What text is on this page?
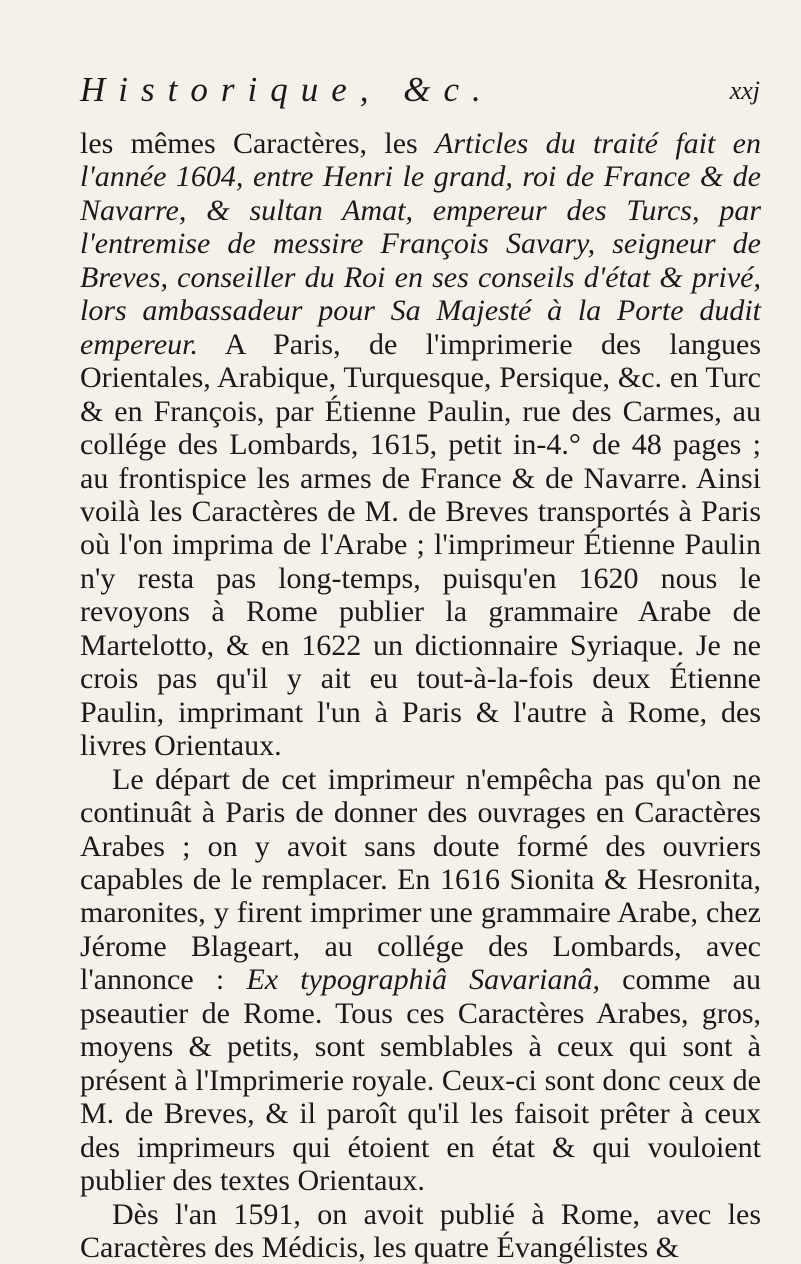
Historique, &c.	xxj

les mêmes Caractères, les Articles du traité fait en l'année 1604, entre Henri le grand, roi de France & de Navarre, & sultan Amat, empereur des Turcs, par l'entremise de messire François Savary, seigneur de Breves, conseiller du Roi en ses conseils d'état & privé, lors ambassadeur pour Sa Majesté à la Porte dudit empereur. A Paris, de l'imprimerie des langues Orientales, Arabique, Turquesque, Persique, &c. en Turc & en François, par Étienne Paulin, rue des Carmes, au collége des Lombards, 1615, petit in-4.° de 48 pages ; au frontispice les armes de France & de Navarre. Ainsi voilà les Caractères de M. de Breves transportés à Paris où l'on imprima de l'Arabe ; l'imprimeur Étienne Paulin n'y resta pas long-temps, puisqu'en 1620 nous le revoyons à Rome publier la grammaire Arabe de Martelotto, & en 1622 un dictionnaire Syriaque. Je ne crois pas qu'il y ait eu tout-à-la-fois deux Étienne Paulin, imprimant l'un à Paris & l'autre à Rome, des livres Orientaux.

Le départ de cet imprimeur n'empêcha pas qu'on ne continuât à Paris de donner des ouvrages en Caractères Arabes ; on y avoit sans doute formé des ouvriers capables de le remplacer. En 1616 Sionita & Hesronita, maronites, y firent imprimer une grammaire Arabe, chez Jérome Blageart, au collége des Lombards, avec l'annonce : Ex typographiâ Savarianâ, comme au pseautier de Rome. Tous ces Caractères Arabes, gros, moyens & petits, sont semblables à ceux qui sont à présent à l'Imprimerie royale. Ceux-ci sont donc ceux de M. de Breves, & il paroît qu'il les faisoit prêter à ceux des imprimeurs qui étoient en état & qui vouloient publier des textes Orientaux.

Dès l'an 1591, on avoit publié à Rome, avec les Caractères des Médicis, les quatre Évangélistes &
